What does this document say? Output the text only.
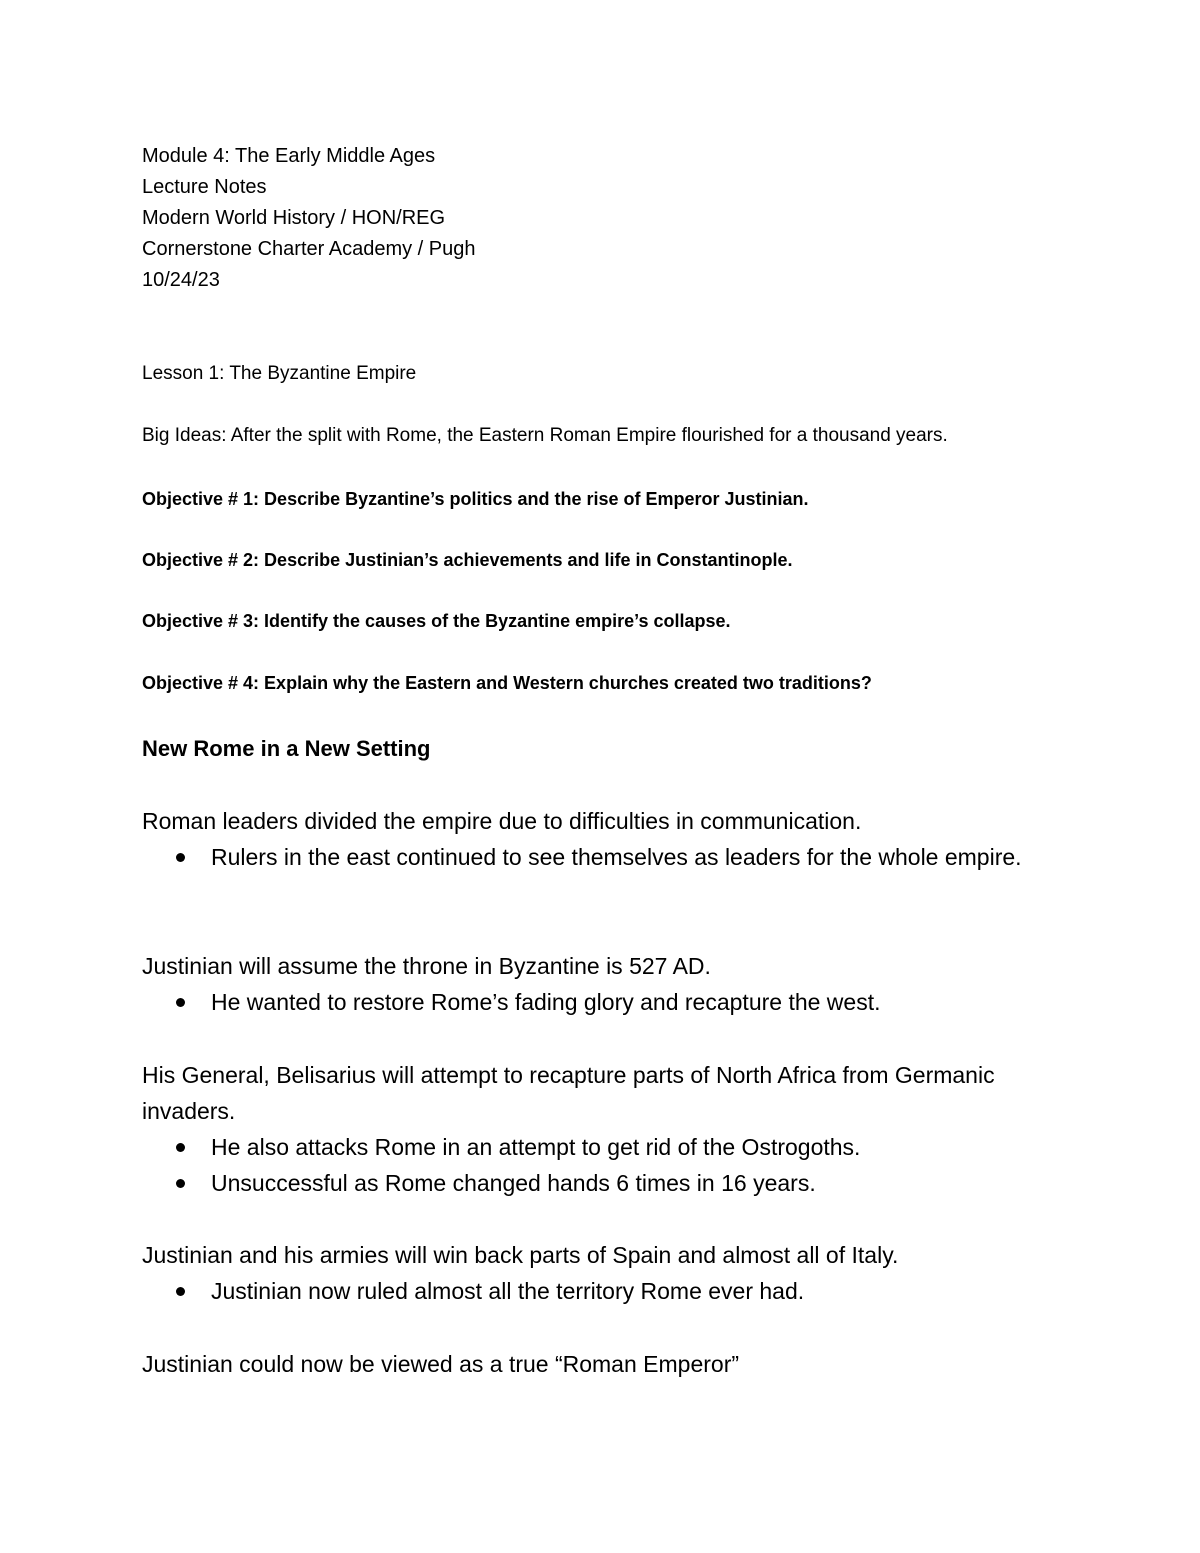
Module 4: The Early Middle Ages
Lecture Notes
Modern World History / HON/REG
Cornerstone Charter Academy / Pugh
10/24/23
Lesson 1: The Byzantine Empire
Big Ideas: After the split with Rome, the Eastern Roman Empire flourished for a thousand years.
Objective # 1: Describe Byzantine’s politics and the rise of Emperor Justinian.
Objective # 2: Describe Justinian’s achievements and life in Constantinople.
Objective # 3: Identify the causes of the Byzantine empire’s collapse.
Objective # 4: Explain why the Eastern and Western churches created two traditions?
New Rome in a New Setting
Roman leaders divided the empire due to difficulties in communication.
Rulers in the east continued to see themselves as leaders for the whole empire.
Justinian will assume the throne in Byzantine is 527 AD.
He wanted to restore Rome’s fading glory and recapture the west.
His General, Belisarius will attempt to recapture parts of North Africa from Germanic invaders.
He also attacks Rome in an attempt to get rid of the Ostrogoths.
Unsuccessful as Rome changed hands 6 times in 16 years.
Justinian and his armies will win back parts of Spain and almost all of Italy.
Justinian now ruled almost all the territory Rome ever had.
Justinian could now be viewed as a true “Roman Emperor”
